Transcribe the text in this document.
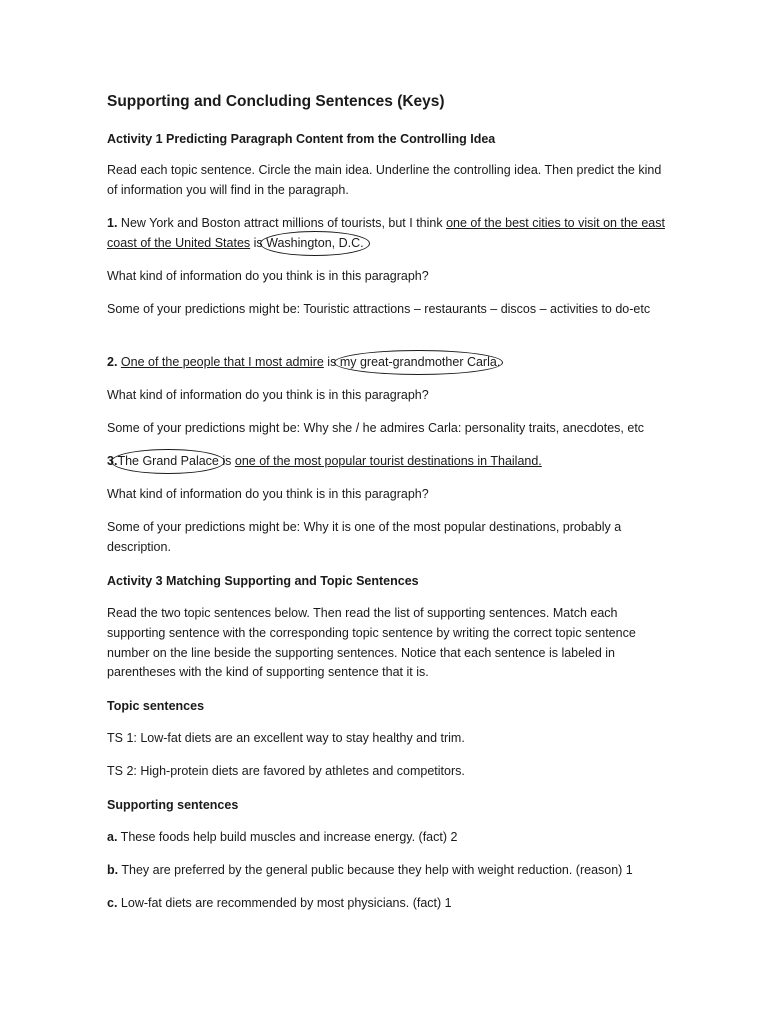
Supporting and Concluding Sentences (Keys)
Activity 1 Predicting Paragraph Content from the Controlling Idea
Read each topic sentence. Circle the main idea. Underline the controlling idea. Then predict the kind of information you will find in the paragraph.
1. New York and Boston attract millions of tourists, but I think one of the best cities to visit on the east coast of the United States is Washington, D.C.
What kind of information do you think is in this paragraph?
Some of your predictions might be: Touristic attractions – restaurants – discos – activities to do-etc
2. One of the people that I most admire is my great-grandmother Carla.
What kind of information do you think is in this paragraph?
Some of your predictions might be: Why she / he admires Carla: personality traits, anecdotes, etc
3.The Grand Palace is one of the most popular tourist destinations in Thailand.
What kind of information do you think is in this paragraph?
Some of your predictions might be: Why it is one of the most popular destinations, probably a description.
Activity 3 Matching Supporting and Topic Sentences
Read the two topic sentences below. Then read the list of supporting sentences. Match each supporting sentence with the corresponding topic sentence by writing the correct topic sentence number on the line beside the supporting sentences. Notice that each sentence is labeled in parentheses with the kind of supporting sentence that it is.
Topic sentences
TS 1: Low-fat diets are an excellent way to stay healthy and trim.
TS 2: High-protein diets are favored by athletes and competitors.
Supporting sentences
a. These foods help build muscles and increase energy. (fact) 2
b. They are preferred by the general public because they help with weight reduction. (reason) 1
c. Low-fat diets are recommended by most physicians. (fact) 1
